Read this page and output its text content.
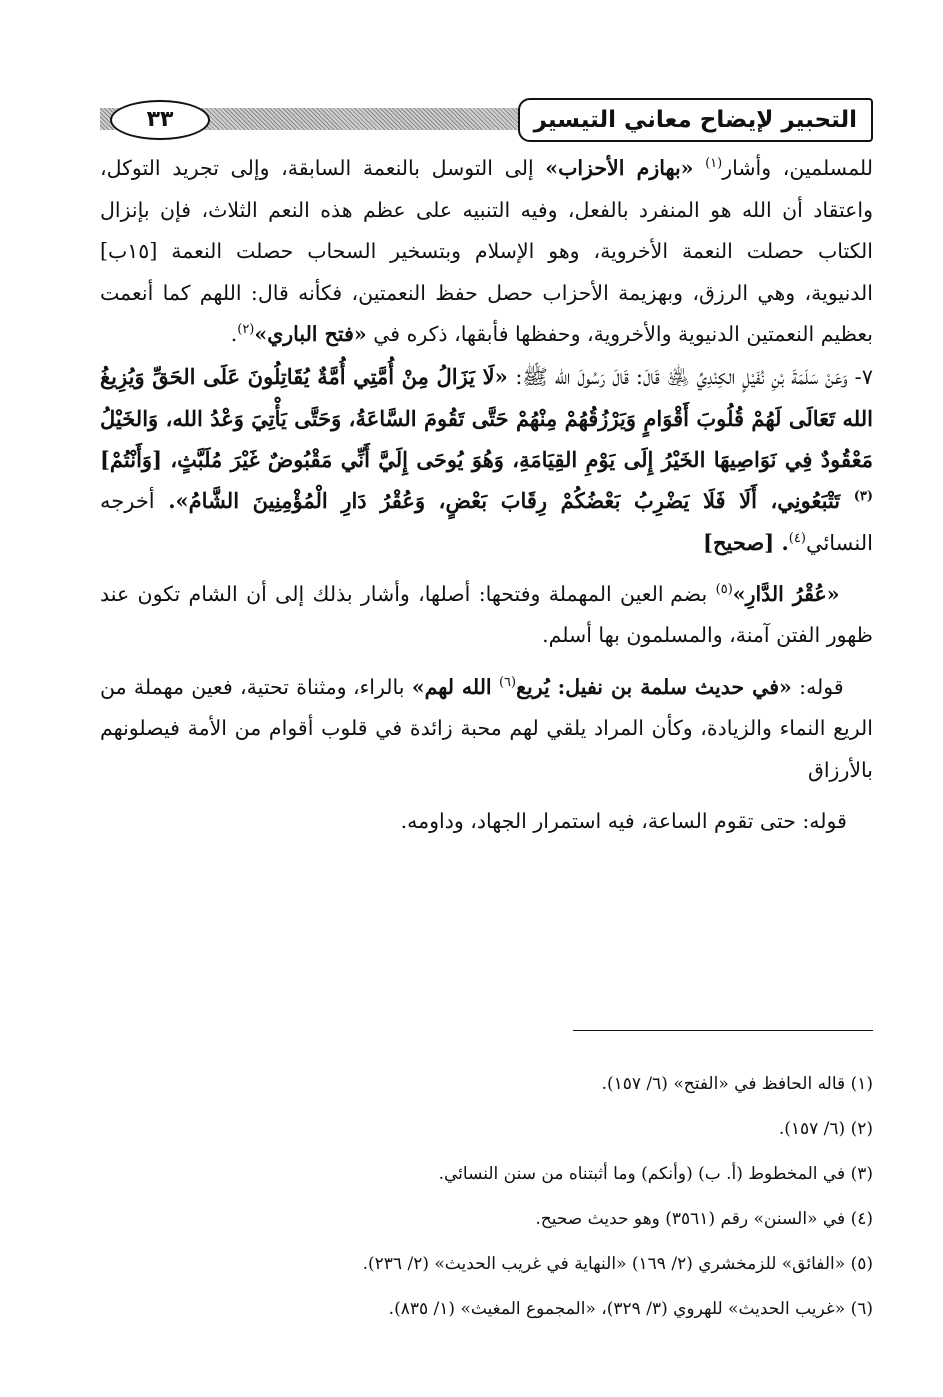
التحبير لإيضاح معاني التيسير
٣٣

للمسلمين، وأشار$^{(١)}$ «بهازم الأحزاب» إلى التوسل بالنعمة السابقة، وإلى تجريد التوكل، واعتقاد أن الله هو المنفرد بالفعل، وفيه التنبيه على عظم هذه النعم الثلاث، فإن بإنزال الكتاب حصلت النعمة الأخروية، وهو الإسلام وبتسخير السحاب حصلت النعمة [١٥ب] الدنيوية، وهي الرزق، وبهزيمة الأحزاب حصل حفظ النعمتين، فكأنه قال: اللهم كما أنعمت بعظيم النعمتين الدنيوية والأخروية، وحفظها فأبقها، ذكره في «فتح الباري»$^{(٢)}$.

٧- وَعَنْ سَلَمَةَ بْنِ نُفَيْلٍ الكِنْدِيِّ ﵁ قَالَ: قَالَ رَسُولَ الله ﷺ: «لَا يَزَالُ مِنْ أُمَّتِي أُمَّةٌ يُقَاتِلُونَ عَلَى الحَقِّ وَيُزِيغُ الله تَعَالَى لَهُمْ قُلُوبَ أَقْوَامٍ وَيَرْزُقُهُمْ مِنْهُمْ حَتَّى تَقُومَ السَّاعَةُ، وَحَتَّى يَأْتِيَ وَعْدُ الله، وَالخَيْلُ مَعْقُودٌ فِي نَوَاصِيهَا الخَيْرُ إِلَى يَوْمِ القِيَامَةِ، وَهُوَ يُوحَى إِلَيَّ أَنِّي مَقْبُوضٌ غَيْرَ مُلَبَّثٍ، [وَأَنْتُمْ]$^{(٣)}$ تَتْبَعُونِي، أَلَا فَلَا يَضْرِبُ بَعْضُكُمْ رِقَابَ بَعْضٍ، وَعُقْرُ دَارِ الْمُؤْمِنِينَ الشَّامُ». أخرجه النسائي$^{(٤)}$. [صحيح]

«عُقْرُ الدَّارِ»$^{(٥)}$ بضم العين المهملة وفتحها: أصلها، وأشار بذلك إلى أن الشام تكون عند ظهور الفتن آمنة، والمسلمون بها أسلم.

قوله: «في حديث سلمة بن نفيل: يُريع$^{(٦)}$ الله لهم» بالراء، ومثناة تحتية، فعين مهملة من الريع النماء والزيادة، وكأن المراد يلقي لهم محبة زائدة في قلوب أقوام من الأمة فيصلونهم بالأرزاق

قوله: حتى تقوم الساعة، فيه استمرار الجهاد، وداومه.

(١) قاله الحافظ في «الفتح» (٦/ ١٥٧).
(٢) (٦/ ١٥٧).
(٣) في المخطوط (أ. ب) (وأنكم) وما أثبتناه من سنن النسائي.
(٤) في «السنن» رقم (٣٥٦١) وهو حديث صحيح.
(٥) «الفائق» للزمخشري (٢/ ١٦٩) «النهاية في غريب الحديث» (٢/ ٢٣٦).
(٦) «غريب الحديث» للهروي (٣/ ٣٢٩)، «المجموع المغيث» (١/ ٨٣٥).
